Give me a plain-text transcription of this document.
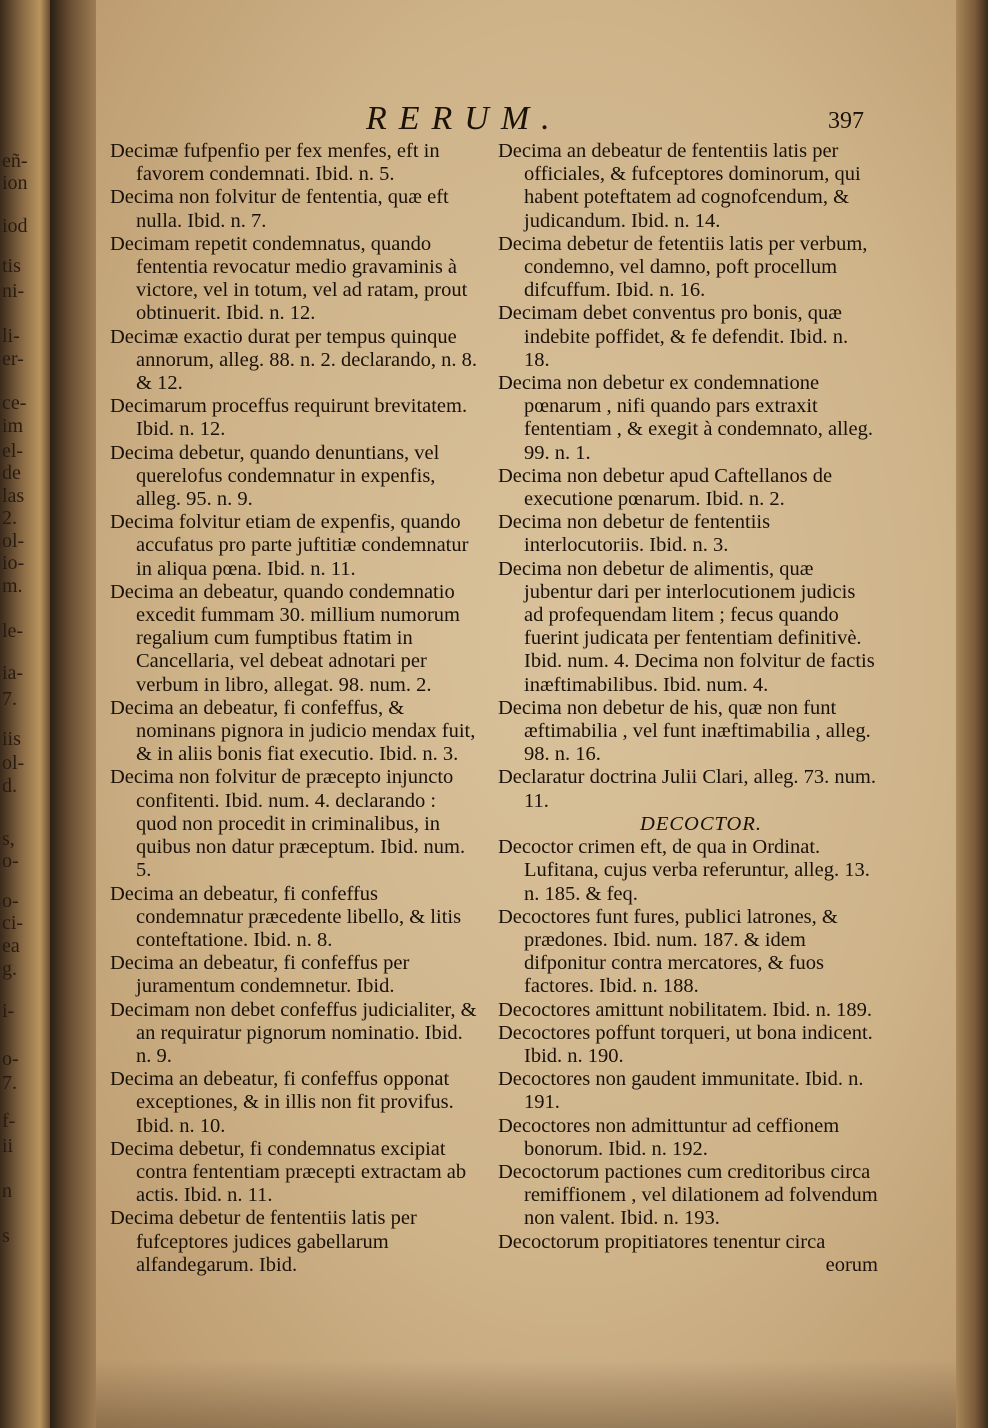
eñ-
ion
iod
tis
ni-
li-
er-
ce-
im
el-
de
las
2.
ol-
io-
m.
le-
ia-
7.
iis
ol-
d.
s,
o-
o-
ci-
ea
g.
i-
o-
7.
f-
ii
n
s
RERUM.	397

Decimæ fufpenfio per fex menfes, eft in favorem condemnati. Ibid. n. 5.

Decima non folvitur de fententia, quæ eft nulla. Ibid. n. 7.

Decimam repetit condemnatus, quando fententia revocatur medio gravaminis à victore, vel in totum, vel ad ratam, prout obtinuerit. Ibid. n. 12.

Decimæ exactio durat per tempus quinque annorum, alleg. 88. n. 2. declarando, n. 8. & 12.

Decimarum proceffus requirunt brevitatem. Ibid. n. 12.

Decima debetur, quando denuntians, vel querelofus condemnatur in expenfis, alleg. 95. n. 9.

Decima folvitur etiam de expenfis, quando accufatus pro parte juftitiæ condemnatur in aliqua pœna. Ibid. n. 11.

Decima an debeatur, quando condemnatio excedit fummam 30. millium numorum regalium cum fumptibus ftatim in Cancellaria, vel debeat adnotari per verbum in libro, allegat. 98. num. 2.

Decima an debeatur, fi confeffus, & nominans pignora in judicio mendax fuit, & in aliis bonis fiat executio. Ibid. n. 3.

Decima non folvitur de præcepto injuncto confitenti. Ibid. num. 4. declarando : quod non procedit in criminalibus, in quibus non datur præceptum. Ibid. num. 5.

Decima an debeatur, fi confeffus condemnatur præcedente libello, & litis conteftatione. Ibid. n. 8.

Decima an debeatur, fi confeffus per juramentum condemnetur. Ibid.

Decimam non debet confeffus judicialiter, & an requiratur pignorum nominatio. Ibid. n. 9.

Decima an debeatur, fi confeffus opponat exceptiones, & in illis non fit provifus. Ibid. n. 10.

Decima debetur, fi condemnatus excipiat contra fententiam præcepti extractam ab actis. Ibid. n. 11.

Decima debetur de fententiis latis per fufceptores judices gabellarum alfandegarum. Ibid.

Decima an debeatur de fententiis latis per officiales, & fufceptores dominorum, qui habent poteftatem ad cognofcendum, & judicandum. Ibid. n. 14.

Decima debetur de fetentiis latis per verbum, condemno, vel damno, poft procellum difcuffum. Ibid. n. 16.

Decimam debet conventus pro bonis, quæ indebite poffidet, & fe defendit. Ibid. n. 18.

Decima non debetur ex condemnatione pœnarum , nifi quando pars extraxit fententiam , & exegit à condemnato, alleg. 99. n. 1.

Decima non debetur apud Caftellanos de executione pœnarum. Ibid. n. 2.

Decima non debetur de fententiis interlocutoriis. Ibid. n. 3.

Decima non debetur de alimentis, quæ jubentur dari per interlocutionem judicis ad profequendam litem ; fecus quando fuerint judicata per fententiam definitivè. Ibid. num. 4. Decima non folvitur de factis inæftimabilibus. Ibid. num. 4.

Decima non debetur de his, quæ non funt æftimabilia , vel funt inæftimabilia , alleg. 98. n. 16.

Declaratur doctrina Julii Clari, alleg. 73. num. 11.

DECOCTOR.

Decoctor crimen eft, de qua in Ordinat. Lufitana, cujus verba referuntur, alleg. 13. n. 185. & feq.

Decoctores funt fures, publici latrones, & prædones. Ibid. num. 187. & idem difponitur contra mercatores, & fuos factores. Ibid. n. 188.

Decoctores amittunt nobilitatem. Ibid. n. 189.

Decoctores poffunt torqueri, ut bona indicent. Ibid. n. 190.

Decoctores non gaudent immunitate. Ibid. n. 191.

Decoctores non admittuntur ad ceffionem bonorum. Ibid. n. 192.

Decoctorum pactiones cum creditoribus circa remiffionem , vel dilationem ad folvendum non valent. Ibid. n. 193.

Decoctorum propitiatores tenentur circa

eorum
